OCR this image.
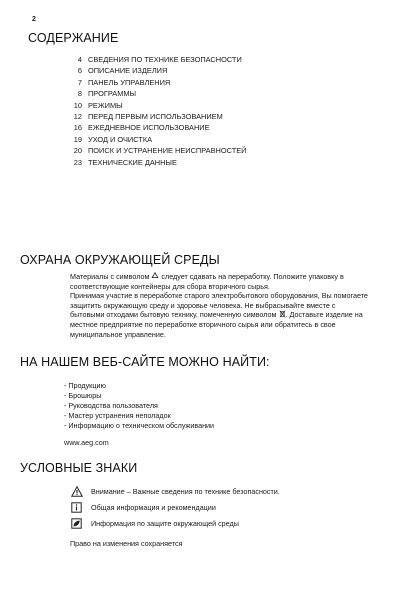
2
СОДЕРЖАНИЕ
4 СВЕДЕНИЯ ПО ТЕХНИКЕ БЕЗОПАСНОСТИ
6 ОПИСАНИЕ ИЗДЕЛИЯ
7 ПАНЕЛЬ УПРАВЛЕНИЯ
8 ПРОГРАММЫ
10 РЕЖИМЫ
12 ПЕРЕД ПЕРВЫМ ИСПОЛЬЗОВАНИЕМ
16 ЕЖЕДНЕВНОЕ ИСПОЛЬЗОВАНИЕ
19 УХОД И ОЧИСТКА
20 ПОИСК И УСТРАНЕНИЕ НЕИСПРАВНОСТЕЙ
23 ТЕХНИЧЕСКИЕ ДАННЫЕ
ОХРАНА ОКРУЖАЮЩЕЙ СРЕДЫ
Материалы с символом следует сдавать на переработку. Положите упаковку в соответствующие контейнеры для сбора вторичного сырья.
Принимая участие в переработке старого электробытового оборудования, Вы помогаете защитить окружающую среду и здоровье человека. Не выбрасывайте вместе с бытовыми отходами бытовую технику, помеченную символом . Доставьте изделие на местное предприятие по переработке вторичного сырья или обратитесь в свое муниципальное управление.
НА НАШЕМ ВЕБ-САЙТЕ МОЖНО НАЙТИ:
- Продукцию
- Брошюры
- Руководства пользователя
- Мастер устранения неполадок
- Информацию о техническом обслуживании
www.aeg.com
УСЛОВНЫЕ ЗНАКИ
Внимание – Важные сведения по технике безопасности.
Общая информация и рекомендации
Информация по защите окружающей среды
Право на изменения сохраняется
